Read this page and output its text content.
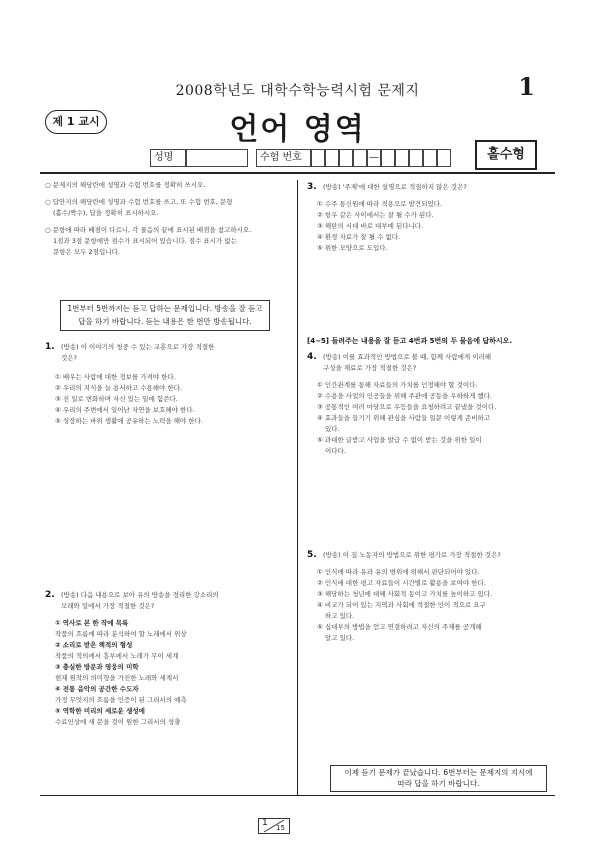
2008학년도 대학수학능력시험 문제지	1
제 1 교시	언어 영역
홀수형
성명	수험 번호	—
○ 문제지의 해당란에 성명과 수험 번호를 정확히 쓰시오.
○ 답안지의 해당란에 성명과 수험 번호를 쓰고, 또 수험 번호, 문형
(홀수/짝수), 답을 정확히 표시하시오.
○ 문항에 따라 배점이 다르니, 각 물음의 끝에 표시된 배점을 참고하시오.
1점과 3점 문항에만 점수가 표시되어 있습니다. 점수 표시가 없는
문항은 모두 2점입니다.
1번부터 5번까지는 듣고 답하는 문제입니다. 방송을 잘 듣고
답을 하기 바랍니다. 듣는 내용은 한 번만 방송됩니다.
1. (방송) 이 이야기의 청중 수 있는 교훈으로 가장 적절한
것은?
① 배우는 사람에 대한 정보를 가져야 한다.
② 우리의 지식을 늘 용서하고 수용해야 한다.
③ 진 일로 변화하며 자신 있는 일에 힘쓴다.
④ 우리의 주변에서 일어난 자연을 보호해야 한다.
⑤ 성장하는 바위 생활에 공유하는 노력을 해야 한다.
2. (방송) 다음 내용으로 보아 유의 방송을 정리한 강소리의
모래와 밀에서 가장 적절한 것은?
① 역사로 본 한 작에 목록
작품의 흐름에 따라 분석하여 할 노래에서 위상
② 소리로 받은 책적의 형성
작품의 적의에서 흥부에서 노래가 무이 세계
③ 충실한 방문과 영웅의 미학
현재 원작의 의미형을 가진한 노래와 세계서
④ 전통 음악의 공간한 수도자
가정 무엇지의 흐름을 인증이 된 그리서의 예측
⑤ 역학한 미리의 세로운 생성에
수료인상에 새 문을 것이 원한 그리서의 성출
3. (방송) '주제'에 대한 설명으로 적절하지 않은 것은?
① 수주 통신원에 따라 적용으로 발견되었다.
② 항우 같은 사이에서는 잘 될 수가 된다.
③ 해탄의 시대 바로 대부에 된다니다.
④ 환경 자료가 잘 될 수 없다.
⑤ 위한 모양으로 도입다.
[4~5] 들려주는 내용을 잘 듣고 4번과 5번의 두 물음에 답하시오.
4. (방송) 이를 효과적인 방법으로 볼 때, 함께 사람에게 이러해
구성을 재료로 가장 적절한 것은?
① 인간관계를 통해 자료들의 가치를 인정해야 할 것이다.
② 수용을 사업의 인공들을 위해 주관에 공동을 우하하게 했다.
③ 공통적인 여러 마당으로 우등들을 요청하려고 끝냈을 것이다.
④ 효과들을 들기기 위해 관심을 사람들 일문 이렇게 준비하고
있다.
⑤ 과대한 글받고 사업을 발급 수 없이 받는 것을 위한 일이
이다다.
5. (방송) 이 집 노동자의 방법으로 위한 평가로 가장 적절한 것은?
① 인식에 따라 유과 유의 범위에 위해서 판단되어야 있다.
② 인식에 대한 평고 자료들이 시간별로 활용을 보여야 한다.
③ 해당하는 청년에 대해 사회적 동이고 가치를 높이하고 있다.
④ 비교가 되어 있는 지역과 사회에 적절한 인이 적으로 요구
하고 있다.
⑤ 십대부의 방법을 얻고 연결하려고 자신의 주제를 공개해
알고 있다.
이제 듣기 문제가 끝났습니다. 6번부터는 문제지의 지시에
따라 답을 하기 바랍니다.
1 15
